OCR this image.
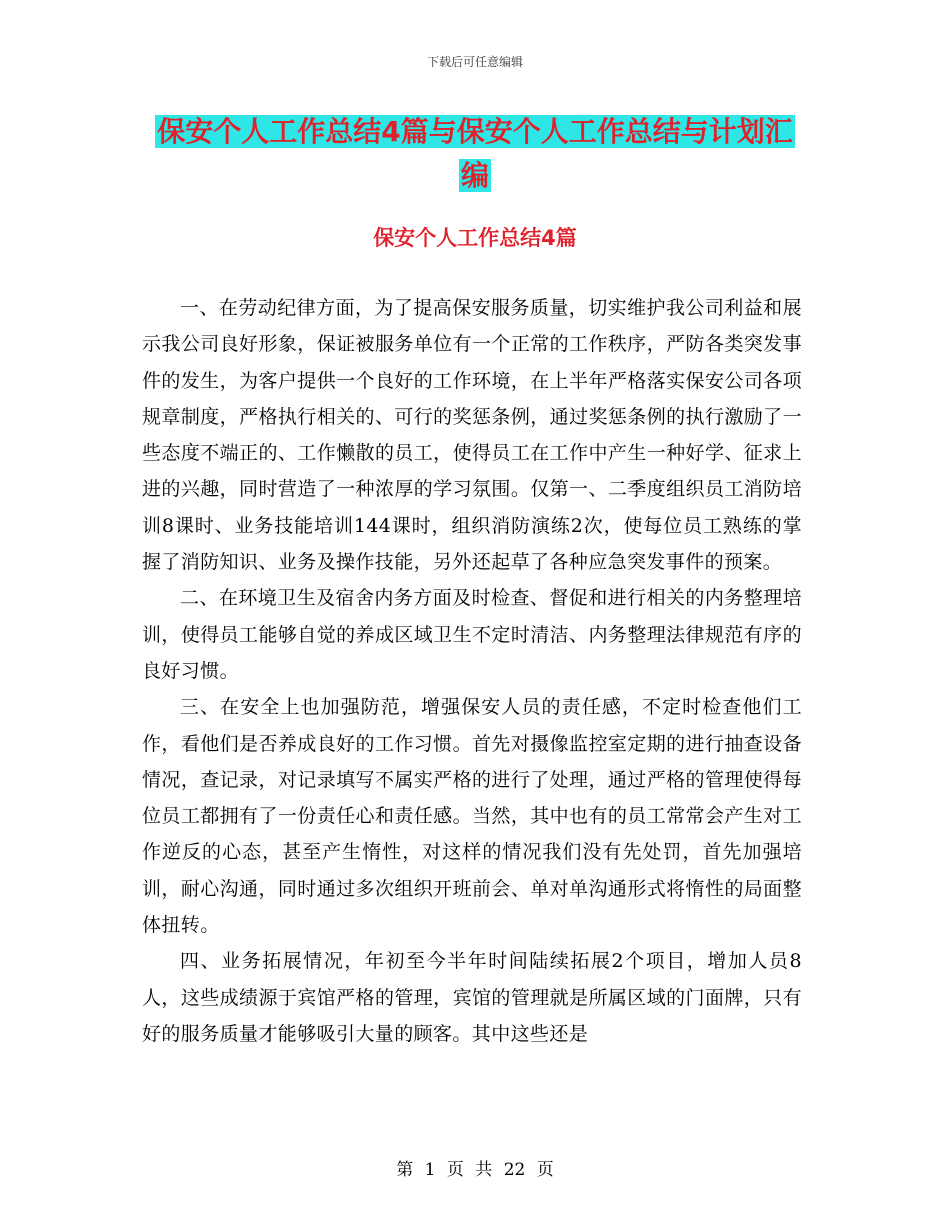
下载后可任意编辑
保安个人工作总结4篇与保安个人工作总结与计划汇
编
保安个人工作总结4篇

一、在劳动纪律方面，为了提高保安服务质量，切实维护我公司利益和展示我公司良好形象，保证被服务单位有一个正常的工作秩序，严防各类突发事件的发生，为客户提供一个良好的工作环境，在上半年严格落实保安公司各项规章制度，严格执行相关的、可行的奖惩条例，通过奖惩条例的执行激励了一些态度不端正的、工作懒散的员工，使得员工在工作中产生一种好学、征求上进的兴趣，同时营造了一种浓厚的学习氛围。仅第一、二季度组织员工消防培训8课时、业务技能培训144课时，组织消防演练2次，使每位员工熟练的掌握了消防知识、业务及操作技能，另外还起草了各种应急突发事件的预案。

二、在环境卫生及宿舍内务方面及时检查、督促和进行相关的内务整理培训，使得员工能够自觉的养成区域卫生不定时清洁、内务整理法律规范有序的良好习惯。

三、在安全上也加强防范，增强保安人员的责任感，不定时检查他们工作，看他们是否养成良好的工作习惯。首先对摄像监控室定期的进行抽查设备情况，查记录，对记录填写不属实严格的进行了处理，通过严格的管理使得每位员工都拥有了一份责任心和责任感。当然，其中也有的员工常常会产生对工作逆反的心态，甚至产生惰性，对这样的情况我们没有先处罚，首先加强培训，耐心沟通，同时通过多次组织开班前会、单对单沟通形式将惰性的局面整体扭转。

四、业务拓展情况，年初至今半年时间陆续拓展2个项目，增加人员8人，这些成绩源于宾馆严格的管理，宾馆的管理就是所属区域的门面牌，只有好的服务质量才能够吸引大量的顾客。其中这些还是

第 1 页 共 22 页
